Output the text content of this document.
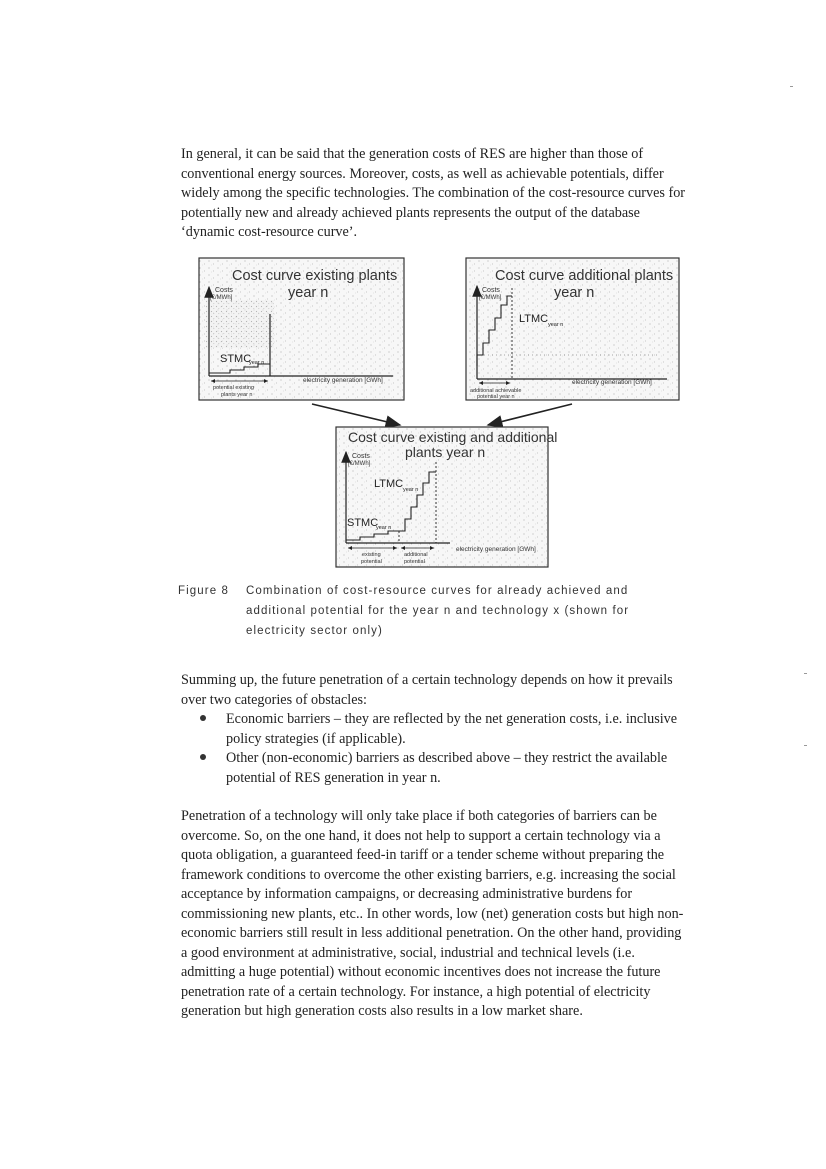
In general, it can be said that the generation costs of RES are higher than those of
conventional energy sources. Moreover, costs, as well as achievable potentials, differ
widely among the specific technologies. The combination of the cost-resource curves for
potentially new and already achieved plants represents the output of the database
‘dynamic cost-resource curve’.

Cost curve existing plants
year n
Costs
[€/MWh]
STMC
year n
electricity generation [GWh]
potential existing
plants year n
Cost curve additional plants
year n
Costs
[€/MWh]
LTMC year n
electricity generation [GWh]
additional achievable
potential year n
Cost curve existing and additional
plants year n
Costs
[€/MWh]
LTMC year n
STMC
year n
electricity generation [GWh]
existing
potential
additional
potential
Figure 8 Combination of cost-resource curves for already achieved and
additional potential for the year n and technology x (shown for
electricity sector only)

Summing up, the future penetration of a certain technology depends on how it prevails
over two categories of obstacles:

Economic barriers – they are reflected by the net generation costs, i.e. inclusive
policy strategies (if applicable).
Other (non-economic) barriers as described above – they restrict the available
potential of RES generation in year n.

Penetration of a technology will only take place if both categories of barriers can be
overcome. So, on the one hand, it does not help to support a certain technology via a
quota obligation, a guaranteed feed-in tariff or a tender scheme without preparing the
framework conditions to overcome the other existing barriers, e.g. increasing the social
acceptance by information campaigns, or decreasing administrative burdens for
commissioning new plants, etc.. In other words, low (net) generation costs but high non-
economic barriers still result in less additional penetration. On the other hand, providing
a good environment at administrative, social, industrial and technical levels (i.e.
admitting a huge potential) without economic incentives does not increase the future
penetration rate of a certain technology. For instance, a high potential of electricity
generation but high generation costs also results in a low market share.
